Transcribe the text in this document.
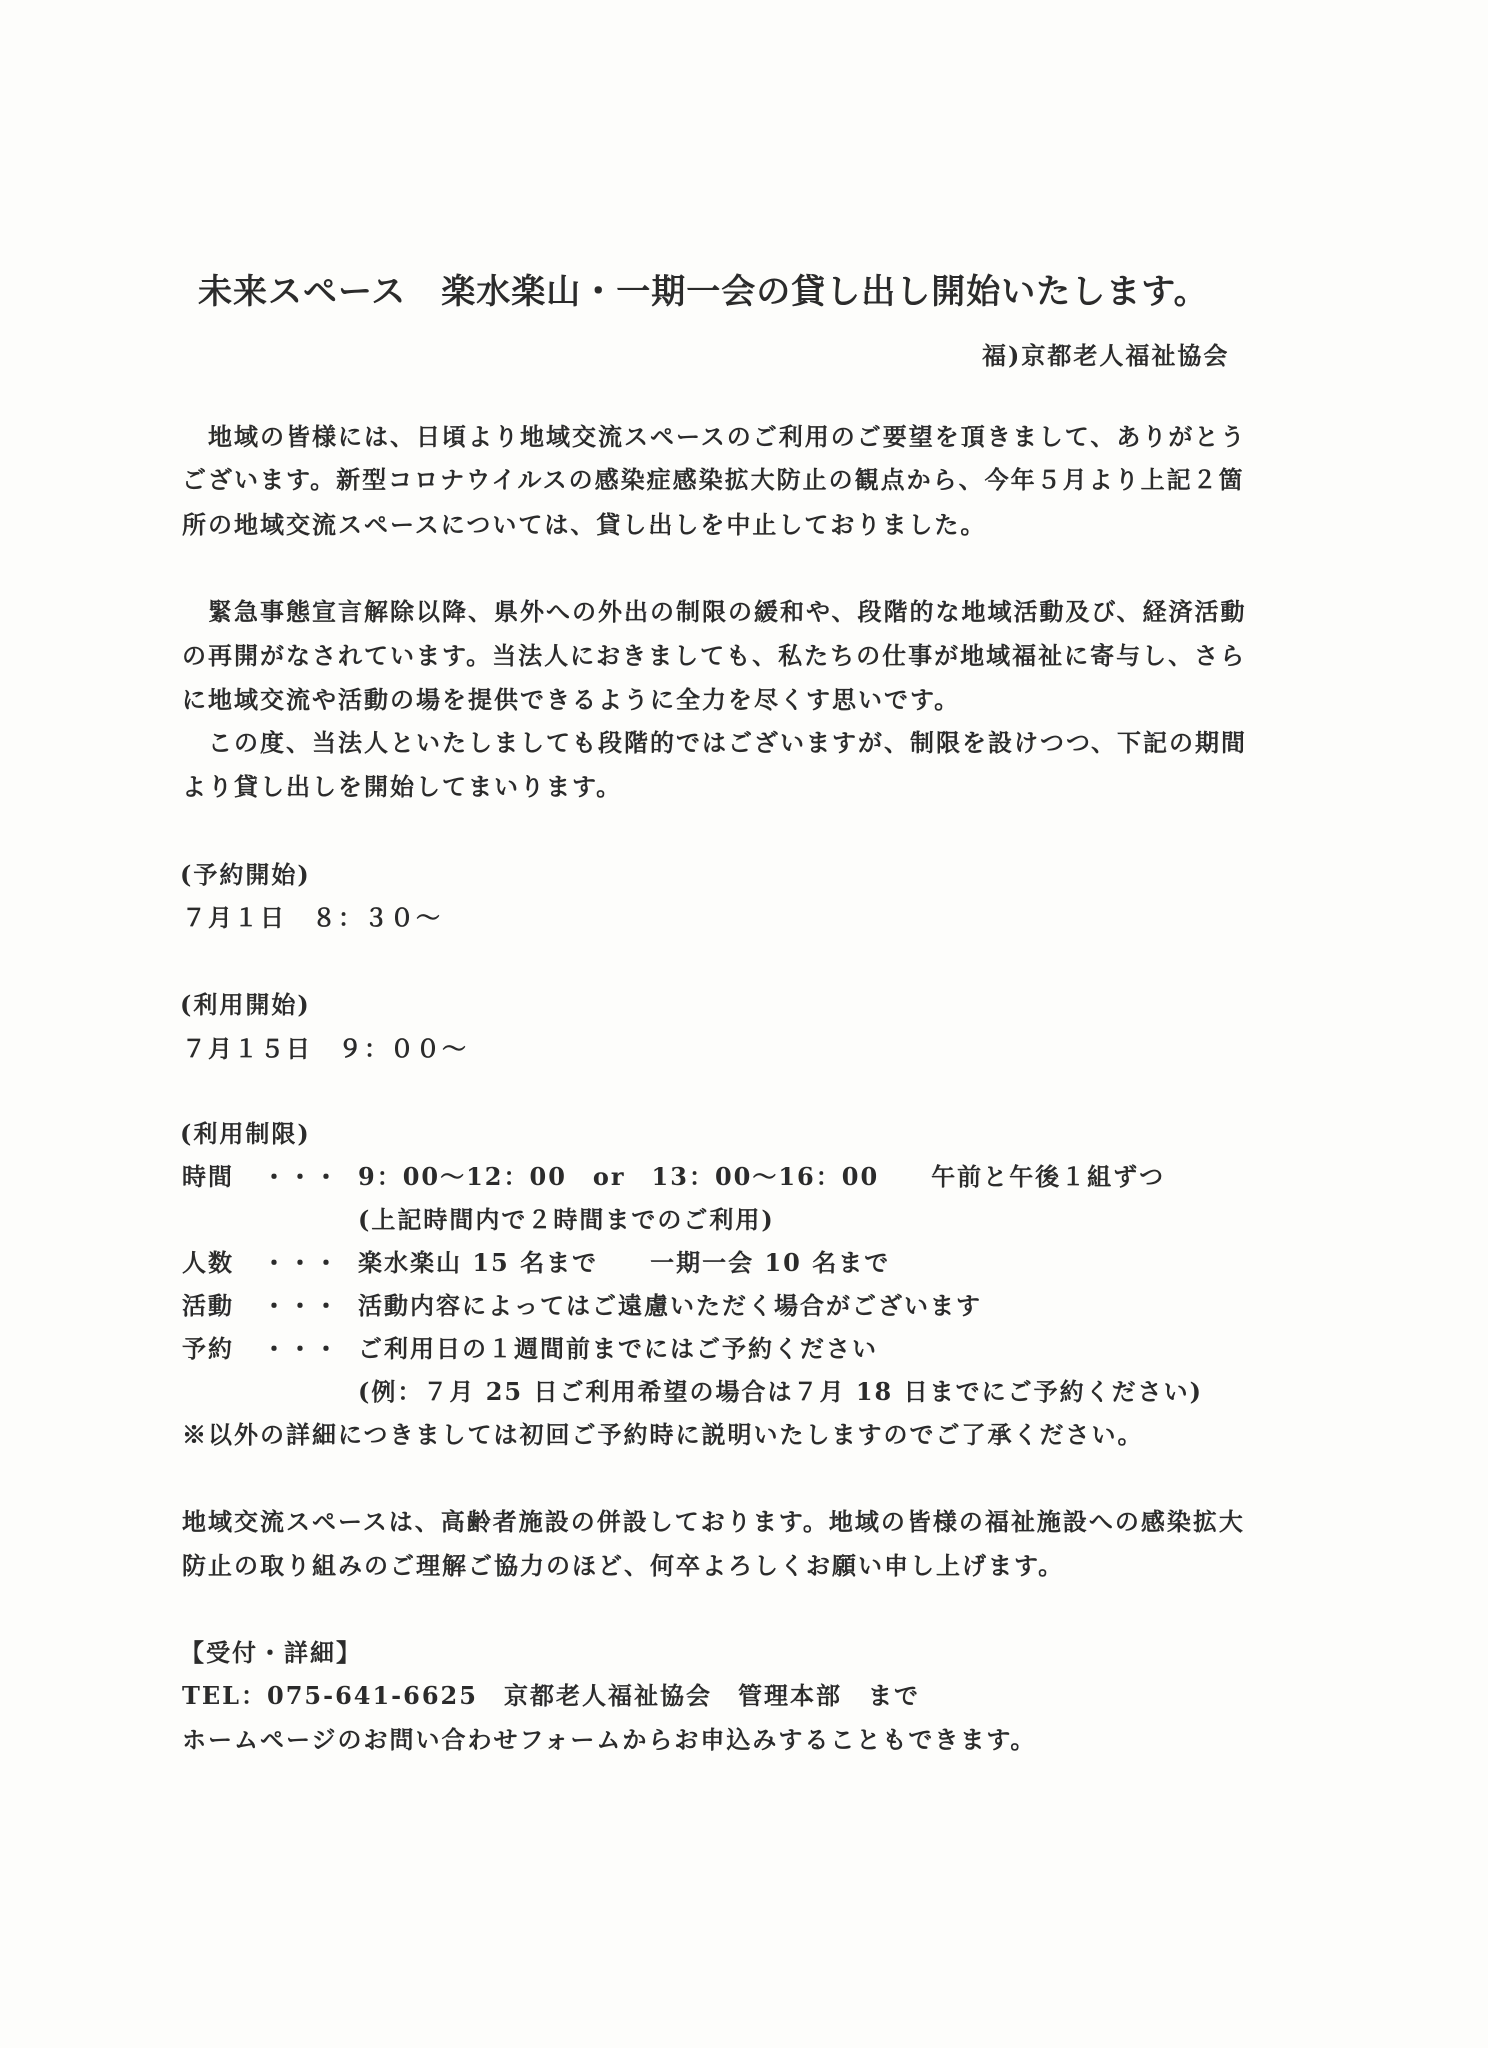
未来スペース　楽水楽山・一期一会の貸し出し開始いたします。
福)京都老人福祉協会
地域の皆様には、日頃より地域交流スペースのご利用のご要望を頂きまして、ありがとう
ございます。新型コロナウイルスの感染症感染拡大防止の観点から、今年５月より上記２箇
所の地域交流スペースについては、貸し出しを中止しておりました。
緊急事態宣言解除以降、県外への外出の制限の緩和や、段階的な地域活動及び、経済活動
の再開がなされています。当法人におきましても、私たちの仕事が地域福祉に寄与し、さら
に地域交流や活動の場を提供できるように全力を尽くす思いです。
この度、当法人といたしましても段階的ではございますが、制限を設けつつ、下記の期間
より貸し出しを開始してまいります。
(予約開始)
７月１日　８：３０～
(利用開始)
７月１５日　９：００～
(利用制限)
時間 ・・・ 9：00～12：00　or　13：00～16：00　　午前と午後１組ずつ
(上記時間内で２時間までのご利用)
人数 ・・・ 楽水楽山 15 名まで　　一期一会 10 名まで
活動 ・・・ 活動内容によってはご遠慮いただく場合がございます
予約 ・・・ ご利用日の１週間前までにはご予約ください
(例：７月 25 日ご利用希望の場合は７月 18 日までにご予約ください)
※以外の詳細につきましては初回ご予約時に説明いたしますのでご了承ください。
地域交流スペースは、高齢者施設の併設しております。地域の皆様の福祉施設への感染拡大
防止の取り組みのご理解ご協力のほど、何卒よろしくお願い申し上げます。
【受付・詳細】
TEL：075-641-6625　京都老人福祉協会　管理本部　まで
ホームページのお問い合わせフォームからお申込みすることもできます。
